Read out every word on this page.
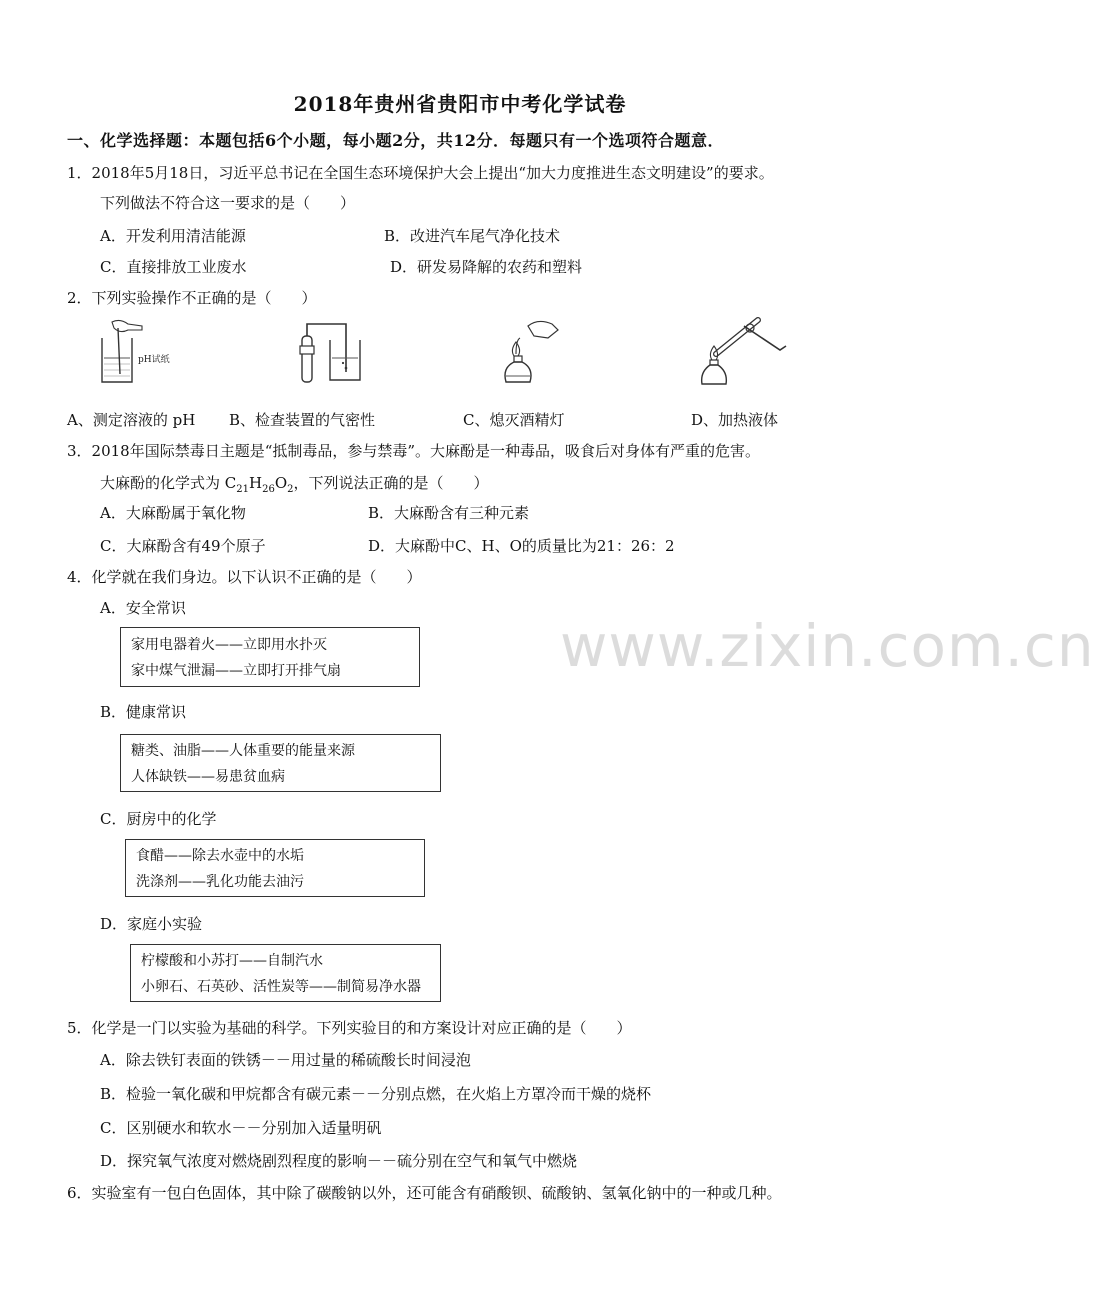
www.zixin.com.cn
2018年贵州省贵阳市中考化学试卷
一、化学选择题：本题包括6个小题，每小题2分，共12分．每题只有一个选项符合题意．
1．2018年5月18日，习近平总书记在全国生态环境保护大会上提出“加大力度推进生态文明建设”的要求。
下列做法不符合这一要求的是（　　）
A．开发利用清洁能源	B．改进汽车尾气净化技术
C．直接排放工业废水	D．研发易降解的农药和塑料
2．下列实验操作不正确的是（　　）
pH试纸
A、测定溶液的 pH B、检查装置的气密性	C、熄灭酒精灯	D、加热液体
3．2018年国际禁毒日主题是“抵制毒品，参与禁毒”。大麻酚是一种毒品，吸食后对身体有严重的危害。
大麻酚的化学式为 $C_{21}H_{26}O_2$，下列说法正确的是（　　）
A．大麻酚属于氧化物	B．大麻酚含有三种元素
C．大麻酚含有49个原子	D．大麻酚中C、H、O的质量比为21：26：2
4．化学就在我们身边。以下认识不正确的是（　　）
A．安全常识
家用电器着火——立即用水扑灭
家中煤气泄漏——立即打开排气扇
B．健康常识
糖类、油脂——人体重要的能量来源
人体缺铁——易患贫血病
C．厨房中的化学
食醋——除去水壶中的水垢
洗涤剂——乳化功能去油污
D．家庭小实验
柠檬酸和小苏打——自制汽水
小卵石、石英砂、活性炭等——制简易净水器
5．化学是一门以实验为基础的科学。下列实验目的和方案设计对应正确的是（　　）
A．除去铁钉表面的铁锈－－用过量的稀硫酸长时间浸泡
B．检验一氧化碳和甲烷都含有碳元素－－分别点燃，在火焰上方罩冷而干燥的烧杯
C．区别硬水和软水－－分别加入适量明矾
D．探究氧气浓度对燃烧剧烈程度的影响－－硫分别在空气和氧气中燃烧
6．实验室有一包白色固体，其中除了碳酸钠以外，还可能含有硝酸钡、硫酸钠、氢氧化钠中的一种或几种。
